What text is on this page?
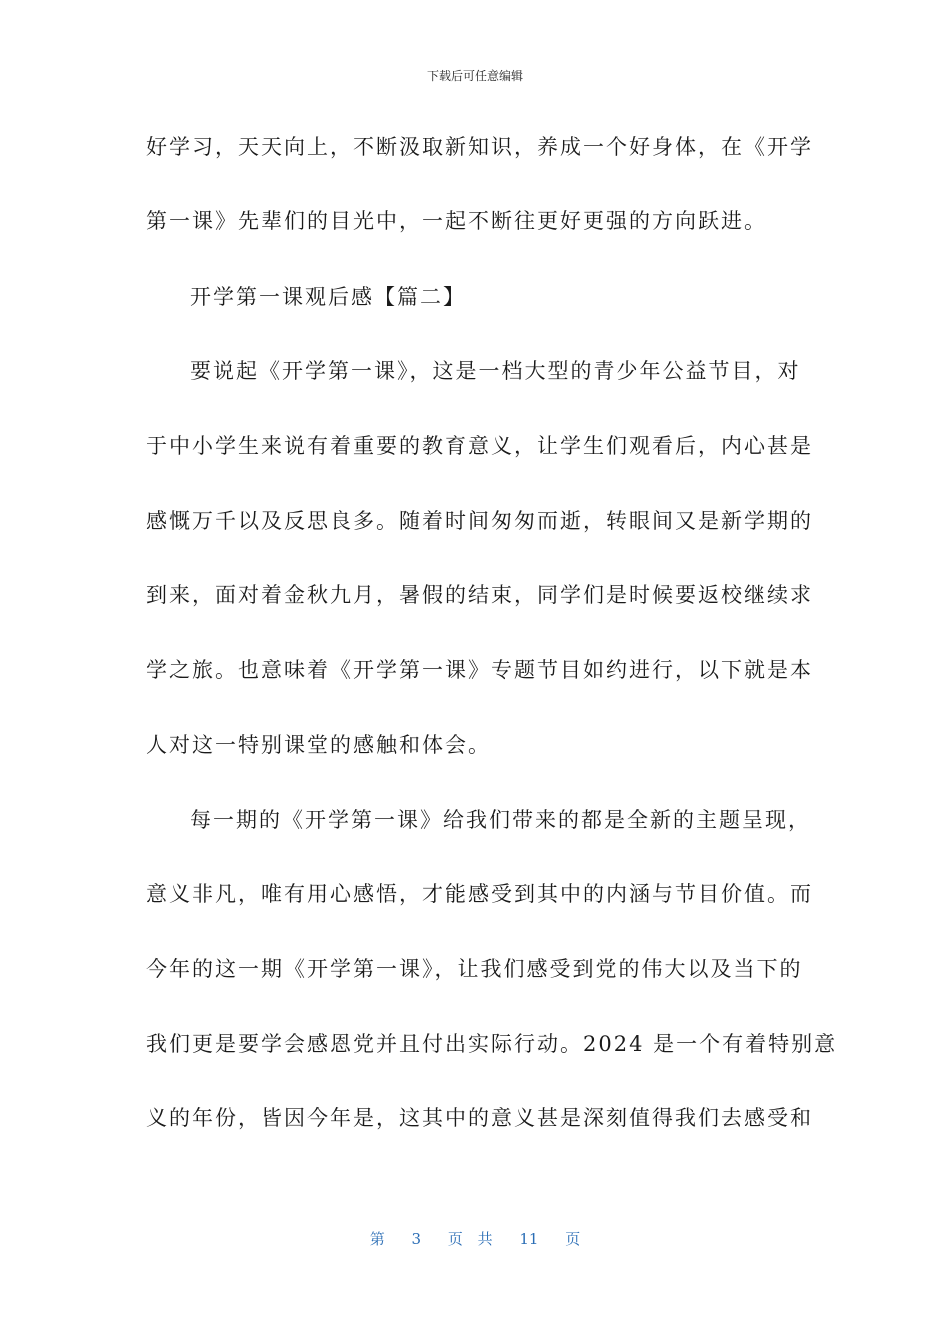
下载后可任意编辑
好学习，天天向上，不断汲取新知识，养成一个好身体，在《开学
第一课》先辈们的目光中，一起不断往更好更强的方向跃进。
开学第一课观后感【篇二】
要说起《开学第一课》，这是一档大型的青少年公益节目，对
于中小学生来说有着重要的教育意义，让学生们观看后，内心甚是
感慨万千以及反思良多。随着时间匆匆而逝，转眼间又是新学期的
到来，面对着金秋九月，暑假的结束，同学们是时候要返校继续求
学之旅。也意味着《开学第一课》专题节目如约进行，以下就是本
人对这一特别课堂的感触和体会。
每一期的《开学第一课》给我们带来的都是全新的主题呈现，
意义非凡，唯有用心感悟，才能感受到其中的内涵与节目价值。而
今年的这一期《开学第一课》，让我们感受到党的伟大以及当下的
我们更是要学会感恩党并且付出实际行动。2024 是一个有着特别意
义的年份，皆因今年是，这其中的意义甚是深刻值得我们去感受和
第 3 页 共 11 页
